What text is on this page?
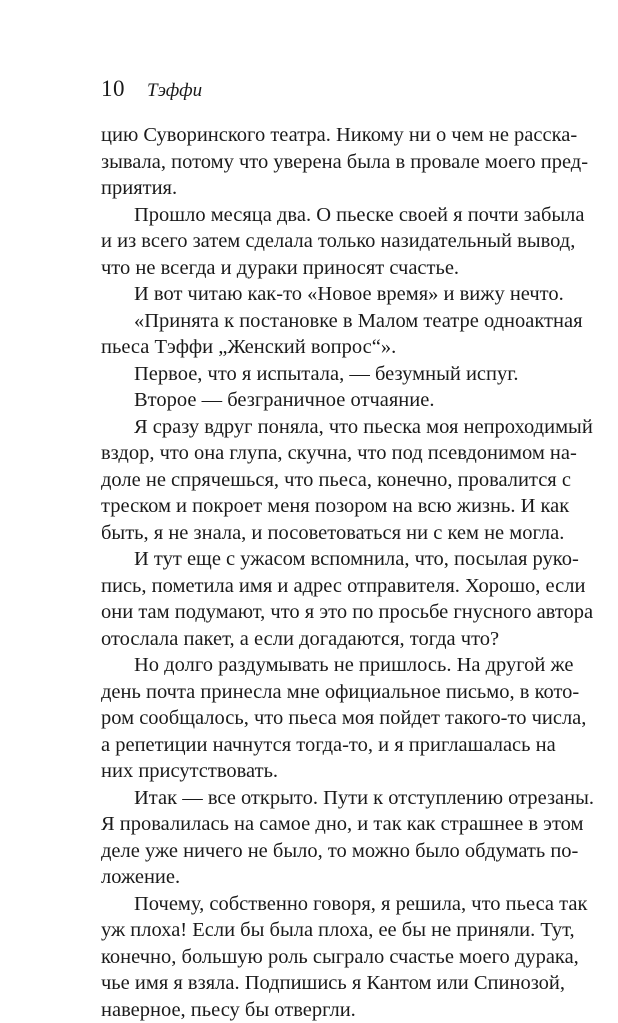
10 Тэффи
цию Суворинского театра. Никому ни о чем не расска-
зывала, потому что уверена была в провале моего пред-
приятия.
Прошло месяца два. О пьеске своей я почти забыла
и из всего затем сделала только назидательный вывод,
что не всегда и дураки приносят счастье.
И вот читаю как-то «Новое время» и вижу нечто.
«Принята к постановке в Малом театре одноактная
пьеса Тэффи „Женский вопрос“».
Первое, что я испытала, — безумный испуг.
Второе — безграничное отчаяние.
Я сразу вдруг поняла, что пьеска моя непроходимый
вздор, что она глупа, скучна, что под псевдонимом на-
доле не спрячешься, что пьеса, конечно, провалится с
треском и покроет меня позором на всю жизнь. И как
быть, я не знала, и посоветоваться ни с кем не могла.
И тут еще с ужасом вспомнила, что, посылая руко-
пись, пометила имя и адрес отправителя. Хорошо, если
они там подумают, что я это по просьбе гнусного автора
отослала пакет, а если догадаются, тогда что?
Но долго раздумывать не пришлось. На другой же
день почта принесла мне официальное письмо, в кото-
ром сообщалось, что пьеса моя пойдет такого-то числа,
а репетиции начнутся тогда-то, и я приглашалась на
них присутствовать.
Итак — все открыто. Пути к отступлению отрезаны.
Я провалилась на самое дно, и так как страшнее в этом
деле уже ничего не было, то можно было обдумать по-
ложение.
Почему, собственно говоря, я решила, что пьеса так
уж плоха! Если бы была плоха, ее бы не приняли. Тут,
конечно, большую роль сыграло счастье моего дурака,
чье имя я взяла. Подпишись я Кантом или Спинозой,
наверное, пьесу бы отвергли.
